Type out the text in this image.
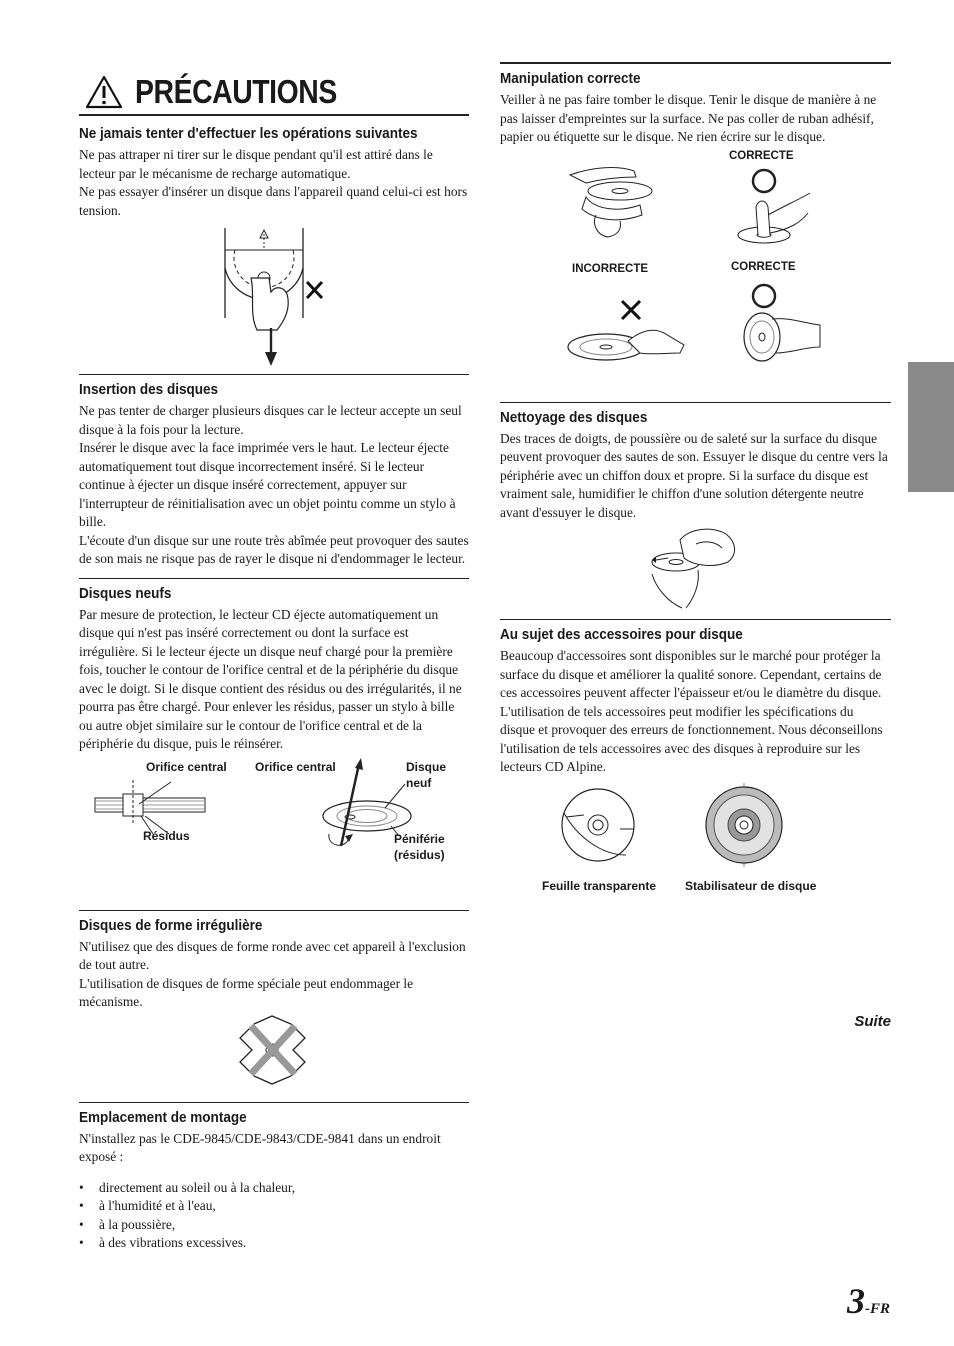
PRÉCAUTIONS
Ne jamais tenter d'effectuer les opérations suivantes

Ne pas attraper ni tirer sur le disque pendant qu'il est attiré dans le lecteur par le mécanisme de recharge automatique.

Ne pas essayer d'insérer un disque dans l'appareil quand celui-ci est hors tension.

Insertion des disques

Ne pas tenter de charger plusieurs disques car le lecteur accepte un seul disque à la fois pour la lecture.

Insérer le disque avec la face imprimée vers le haut. Le lecteur éjecte automatiquement tout disque incorrectement inséré. Si le lecteur continue à éjecter un disque inséré correctement, appuyer sur l'interrupteur de réinitialisation avec un objet pointu comme un stylo à bille.

L'écoute d'un disque sur une route très abîmée peut provoquer des sautes de son mais ne risque pas de rayer le disque ni d'endommager le lecteur.

Disques neufs

Par mesure de protection, le lecteur CD éjecte automatiquement un disque qui n'est pas inséré correctement ou dont la surface est irrégulière. Si le lecteur éjecte un disque neuf chargé pour la première fois, toucher le contour de l'orifice central et de la périphérie du disque avec le doigt. Si le disque contient des résidus ou des irrégularités, il ne pourra pas être chargé. Pour enlever les résidus, passer un stylo à bille ou autre objet similaire sur le contour de l'orifice central et de la périphérie du disque, puis le réinsérer.

Orifice central Orifice central	Disque
neuf
Résidus	Péniférie
(résidus)
Disques de forme irrégulière

N'utilisez que des disques de forme ronde avec cet appareil à l'exclusion de tout autre.

L'utilisation de disques de forme spéciale peut endommager le mécanisme.

Emplacement de montage

N'installez pas le CDE-9845/CDE-9843/CDE-9841 dans un endroit exposé :

• directement au soleil ou à la chaleur,
• à l'humidité et à l'eau,
• à la poussière,
• à des vibrations excessives.
Manipulation correcte

Veiller à ne pas faire tomber le disque. Tenir le disque de manière à ne pas laisser d'empreintes sur la surface. Ne pas coller de ruban adhésif, papier ou étiquette sur le disque. Ne rien écrire sur le disque.

CORRECTE
INCORRECTE	CORRECTE
Nettoyage des disques

Des traces de doigts, de poussière ou de saleté sur la surface du disque peuvent provoquer des sautes de son. Essuyer le disque du centre vers la périphérie avec un chiffon doux et propre. Si la surface du disque est vraiment sale, humidifier le chiffon d'une solution détergente neutre avant d'essuyer le disque.

Au sujet des accessoires pour disque

Beaucoup d'accessoires sont disponibles sur le marché pour protéger la surface du disque et améliorer la qualité sonore. Cependant, certains de ces accessoires peuvent affecter l'épaisseur et/ou le diamètre du disque. L'utilisation de tels accessoires peut modifier les spécifications du disque et provoquer des erreurs de fonctionnement. Nous déconseillons l'utilisation de tels accessoires avec des disques à reproduire sur les lecteurs CD Alpine.

Feuille transparente Stabilisateur de disque
Suite
3 -FR
